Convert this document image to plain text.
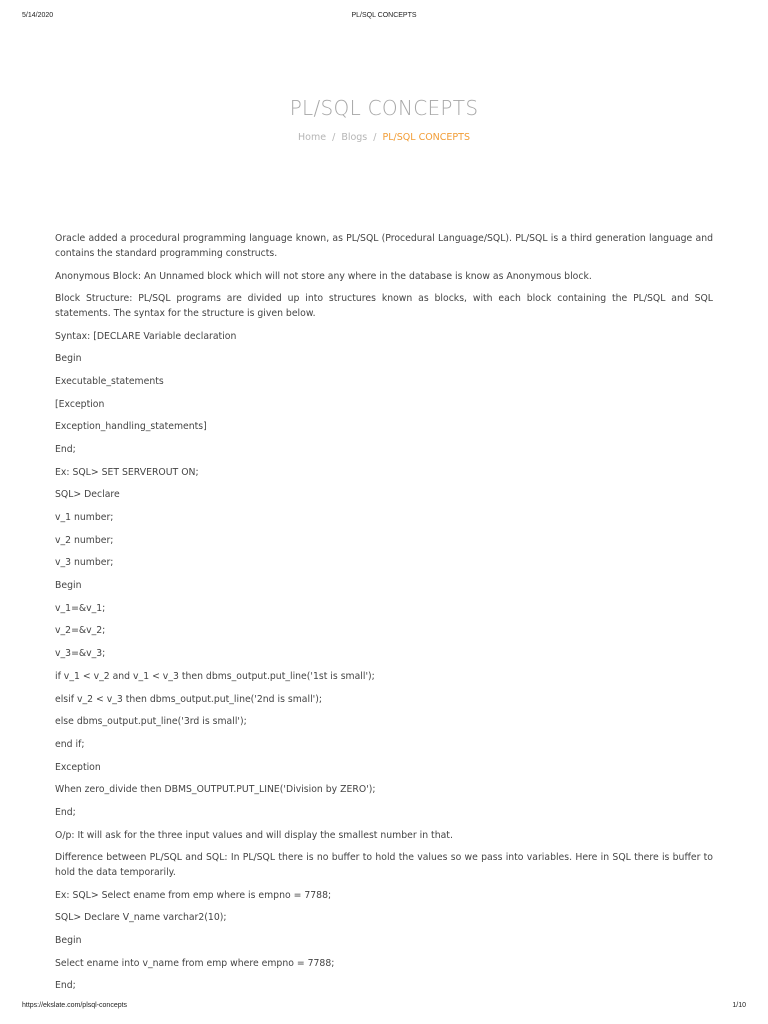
5/14/2020	PL/SQL CONCEPTS
PL/SQL CONCEPTS
Home / Blogs / PL/SQL CONCEPTS

Oracle added a procedural programming language known, as PL/SQL (Procedural Language/SQL). PL/SQL is a third generation language and contains the standard programming constructs.

Anonymous Block: An Unnamed block which will not store any where in the database is know as Anonymous block.

Block Structure: PL/SQL programs are divided up into structures known as blocks, with each block containing the PL/SQL and SQL statements. The syntax for the structure is given below.

Syntax: [DECLARE Variable declaration

Begin

Executable_statements

[Exception

Exception_handling_statements]

End;

Ex: SQL> SET SERVEROUT ON;

SQL> Declare

v_1 number;

v_2 number;

v_3 number;

Begin

v_1=&v_1;

v_2=&v_2;

v_3=&v_3;

if v_1 < v_2 and v_1 < v_3 then dbms_output.put_line('1st is small');

elsif v_2 < v_3 then dbms_output.put_line('2nd is small');

else dbms_output.put_line('3rd is small');

end if;

Exception

When zero_divide then DBMS_OUTPUT.PUT_LINE('Division by ZERO');

End;

O/p: It will ask for the three input values and will display the smallest number in that.

Difference between PL/SQL and SQL: In PL/SQL there is no buffer to hold the values so we pass into variables. Here in SQL there is buffer to hold the data temporarily.

Ex: SQL> Select ename from emp where is empno = 7788;

SQL> Declare V_name varchar2(10);

Begin

Select ename into v_name from emp where empno = 7788;

End;

https://ekslate.com/plsql-concepts	1/10
